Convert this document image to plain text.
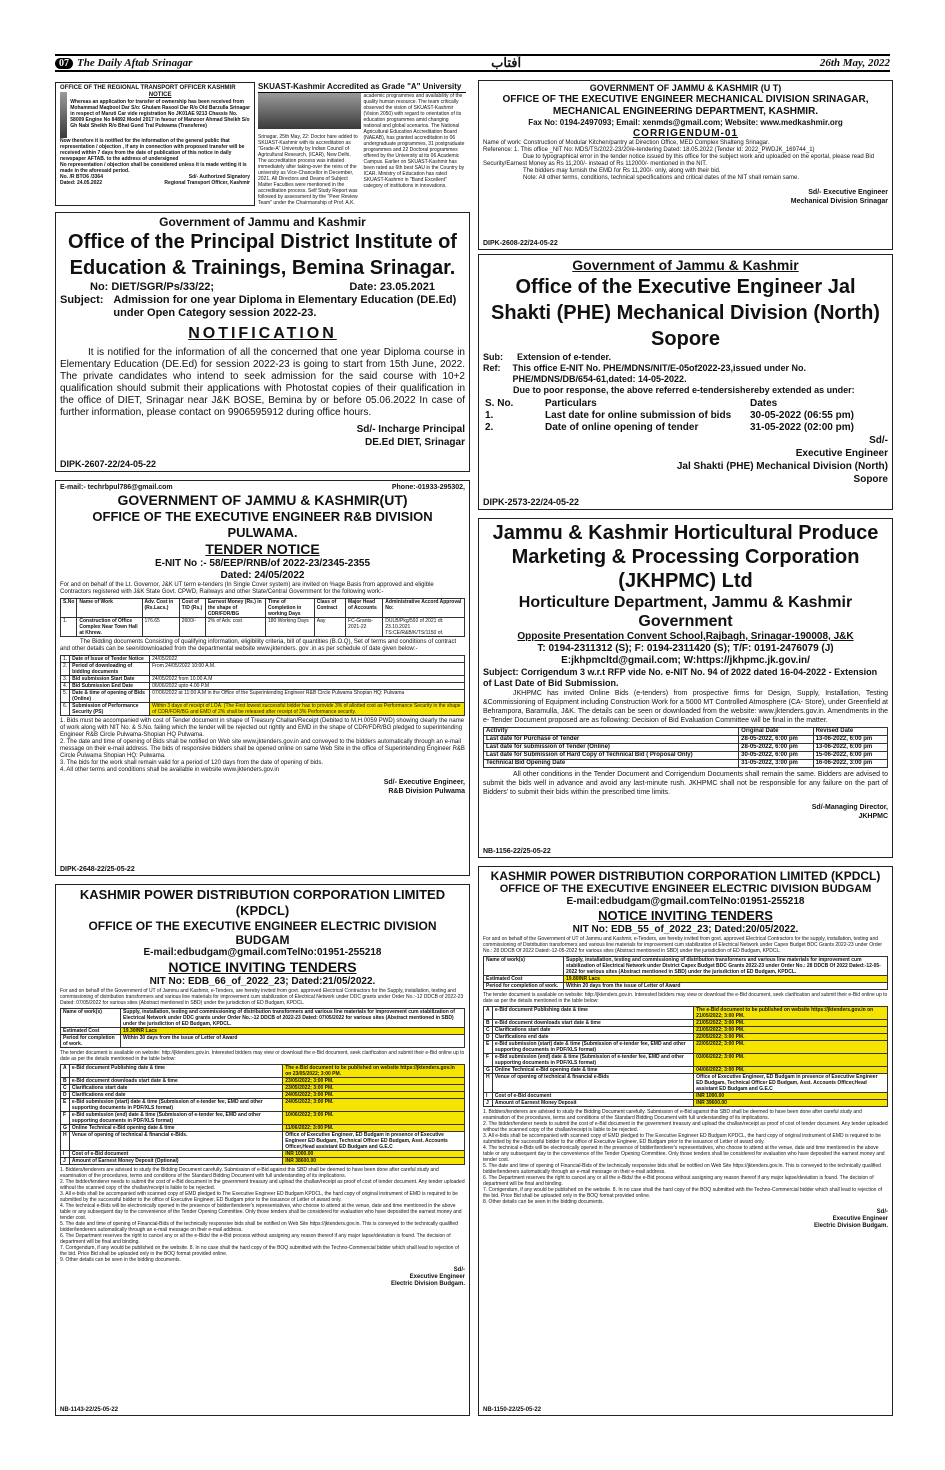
07 The Daily Aftab Srinagar	آفتاب	26th May, 2022
OFFICE OF THE REGIONAL TRANSPORT OFFICER KASHMIR
NOTICE
Whereas an application for transfer of ownership has been received from Mohammad Maqbool Dar S/o: Ghulam Rasool Dar R/o Old Barzulla Srinagar in respect of Maruti Car vide registration No JK01AE 9213 Chassis No. 58009 Engine No 84892 Model 2017 in favour of Manzoor Ahmad Sheikh S/o Gh Nabi Sheikh R/o Bhat Gund Tral Pulwama (Transferee)
Now therefore it is notified for the information of the general public that representation / objection , if any in connection with proposed transfer will be received within 7 days from the date of publication of this notice in daily newspaper AFTAB. to the address of undersigned
No representation / objection shall be considered unless it is made writing it is made in the aforesaid period.
No. /R BTO6 /3364
Dated: 24.05.2022
Sd/- Authorized Signatory
Regional Transport Officer, Kashmir
SKUAST-Kashmir Accredited as Grade "A" University
Srinagar, 25th May, 22: Doctor hare added to SKUAST-Kashmir with its accreditation as "Grade-A" University by Indian Council of Agricultural Research, (ICAR), New Delhi. The accreditation process was initiated immediately after taking-over the reins of the university as Vice-Chancellor in December, 2021. All Directors and Deans of Subject Matter Faculties were mentioned in the accreditation process. Self Study Report was followed by assessment by the "Peer Review Team" under the Chairmanship of Prof. A.K.
academic programmes and availability of the quality human resource. The team critically observed the vision of SKUAST-Kashmir (Vision 2050) with regard to orientation of its education programmes amid changing national and global scenarios. The National Agricultural Education Accreditation Board (NAEAB), has granted accreditation to 06 undergraduate programmes, 31 postgraduate programmes and 22 Doctoral programmes offered by the University at its 06 Academic Campus. Earlier on SKUAST-Kashmir has been rated as 6th best SAU in the Country by ICAR. Ministry of Education has rated SKUAST-Kashmir in "Band Excellent" category of institutions in innovations.
GOVERNMENT OF JAMMU & KASHMIR (U T)
OFFICE OF THE EXECUTIVE ENGINEER MECHANICAL DIVISION SRINAGAR,
MECHANICAL ENGINEERING DEPARTMENT, KASHMIR.
Fax No: 0194-2497093; Email: xenmds@gmail.com; Website: www.medkashmir.org
CORRIGENDUM-01
Name of work: Construction of Modular Kitchen/pantry at Direction Office, MED Complex Shalteng Srinagar.
Reference: 1. This office _NIT No: MDS/TS/2022-23/20/e-tendering Dated: 18.05.2022 (Tender Id: 2022_PWDJK_169744_1)
Due to typographical error in the tender notice issued by this office for the subject work and uploaded on the eportal, please read Bid Security/Earnest Money as Rs 11,200/- instead of Rs 112000/- mentioned in the NIT.
The bidders may furnish the EMD for Rs 11,200/- only, along with their bid.
Note: All other terms, conditions, technical specifications and critical dates of the NIT shall remain same.
Sd/- Executive Engineer
Mechanical Division Srinagar
DIPK-2608-22/24-05-22
Government of Jammu and Kashmir
Office of the Principal District Institute of Education & Trainings, Bemina Srinagar.
No: DIET/SGR/Ps/33/22;	Date: 23.05.2021
Subject: Admission for one year Diploma in Elementary Education (DE.Ed) under Open Category session 2022-23.
NOTIFICATION
It is notified for the information of all the concerned that one year Diploma course in Elementary Education (DE.Ed) for session 2022-23 is going to start from 15th June, 2022. The private candidates who intend to seek admission for the said course with 10+2 qualification should submit their applications with Photostat copies of their qualification in the office of DIET, Srinagar near J&K BOSE, Bemina by or before 05.06.2022 In case of further information, please contact on 9906595912 during office hours.
Sd/- Incharge Principal
DE.Ed DIET, Srinagar
DIPK-2607-22/24-05-22
Government of Jammu & Kashmir
Office of the Executive Engineer Jal Shakti (PHE) Mechanical Division (North) Sopore
Sub: Extension of e-tender.
Ref: This office E-NIT No. PHE/MDNS/NIT/E-05of2022-23,issued under No. PHE/MDNS/DB/654-61,dated: 14-05-2022.
Due to poor response, the above referred e-tendersishereby extended as under:
S. No.	Particulars	Dates
1.	Last date for online submission of bids	30-05-2022 (06:55 pm)
2.	Date of online opening of tender	31-05-2022 (02:00 pm)
Sd/-
Executive Engineer
Jal Shakti (PHE) Mechanical Division (North)
Sopore
DIPK-2573-22/24-05-22
E-mail:- techrbpul786@gmail.com	Phone:-01933-295302,
GOVERNMENT OF JAMMU & KASHMIR(UT)
OFFICE OF THE EXECUTIVE ENGINEER R&B DIVISION PULWAMA.
TENDER NOTICE
E-NIT No :- 58/EEP/RNB/of 2022-23/2345-2355
Dated: 24/05/2022
For and on behalf of the Lt. Governor, J&K UT term e-tenders (In Single Cover system) are invited on %age Basis from approved and eligible Contractors registered with J&K State Govt. CPWD, Railways and other State/Central Government for the following work:-
S.No	Name of Work	Adv. Cost in (Rs.Lacs.)	Cost of T/D (Rs.)	Earnest Money (Rs.) in the shape of CDR/FDR/BG	Time of Completion in working Days	Class of Contract	Major Head of Accounts	Administrative Accord Approval No:
1.	Construction of Office Complex Near Town Hall at Khrew.	176.65	2600/-	2% of Adv. cost	180 Working Days	Aay	FC-Grants-2021-22	DULB/Pkg/592 of 2021 dt: 23.10.2021 TS:CE/R&B/K/TS/1150 of.
The Bidding documents Consisting of qualifying information, eligibility criteria, bill of quantities (B.O.Q), Set of terms and conditions of contract and other details can be seen/downloaded from the departmental website www.jktenders. gov .in as per schedule of date given below:-
1.	Date of Issue of Tender Notice	24/05/2022
2.	Period of downloading of bidding documents	From 24/05/2022 10:00 A.M.
3.	Bid submission Start Date	24/05/2022 from 10.00 A.M
4.	Bid Submission End Date	06/06/2022 upto 4.00 P.M
5.	Date & time of opening of Bids (Online)	07/06/2022 at 11:00 A.M in the Office of the Superintending Engineer R&B Circle Pulwama Shopian HQ: Pulwama
6.	Submission of Performance Security (PS)	Within 3 days of receipt of LOA. (The First lowest successful bidder has to provide 3% of allotted cost as Performance Security in the shape of CDR/FDR/BG and EMD of 2% shall be released after receipt of 3% Performance security.
1. Bids must be accompanied with cost of Tender document in shape of Treasury Challan/Receipt (Debited to M.H.0059 PWD) showing clearly the name of work along with NIT No. & S.No. failing which the tender will be rejected out rightly and EMD in the shape of CDR/FDR/BG pledged to superintending Engineer R&B Circle Pulwama-Shopian HQ Pulwama.
2. The date and time of opening of Bids shall be notified on Web site www.jktenders.gov.in and conveyed to the bidders automatically through an e-mail message on their e-mail address. The bids of responsive bidders shall be opened online on same Web Site in the office of Superintending Engineer R&B Circle Pulwama Shopian HQ: Pulwama.
3. The bids for the work shall remain valid for a period of 120 days from the date of opening of bids.
4. All other terms and conditions shall be available in website www.jktenders.gov.in
Sd/- Executive Engineer,
R&B Division Pulwama
DIPK-2648-22/25-05-22
Jammu & Kashmir Horticultural Produce Marketing & Processing Corporation (JKHPMC) Ltd
Horticulture Department, Jammu & Kashmir Government
Opposite Presentation Convent School,Rajbagh, Srinagar-190008, J&K
T: 0194-2311312 (S); F: 0194-2311420 (S); T/F: 0191-2476079 (J)
E:jkhpmcltd@gmail.com; W:https://jkhpmc.jk.gov.in/
Subject: Corrigendum 3 w.r.t RFP vide No. e-NIT No. 94 of 2022 dated 16-04-2022 - Extension of Last Date of Bid Submission.
JKHPMC has invited Online Bids (e-tenders) from prospective firms for Design, Supply, Installation, Testing &Commissioning of Equipment including Construction Work for a 5000 MT Controlled Atmosphere (CA- Store), under Greenfield at Behrampora, Baramulla, J&K. The details can be seen or downloaded from the website: www.jktenders.gov.in. Amendments in the e- Tender Document proposed are as following: Decision of Bid Evaluation Committee will be final in the matter.
Activity	Original Date	Revised Date
Last date for Purchase of Tender	28-05-2022, 6:00 pm	13-06-2022, 6:00 pm
Last date for submission of Tender (Online)	28-05-2022, 6:00 pm	13-06-2022, 6:00 pm
Last date for Submission of Hard Copy of Technical Bid ( Proposal Only)	30-05-2022, 6:00 pm	15-06-2022, 6:00 pm
Technical Bid Opening Date	31-05-2022, 3:00 pm	16-06-2022, 3:00 pm
All other conditions in the Tender Document and Corrigendum Documents shall remain the same. Bidders are advised to submit the bids well in advance and avoid any last-minute rush. JKHPMC shall not be responsible for any failure on the part of Bidders' to submit their bids within the prescribed time limits.
Sd/-Managing Director,
JKHPMC
NB-1156-22/25-05-22
KASHMIR POWER DISTRIBUTION CORPORATION LIMITED (KPDCL)
OFFICE OF THE EXECUTIVE ENGINEER ELECTRIC DIVISION BUDGAM
E-mail:edbudgam@gmail.comTelNo:01951-255218
NOTICE INVITING TENDERS
NIT No: EDB_66_of_2022_23; Dated:21/05/2022.
For and on behalf of the Government of UT of Jammu and Kashmir, e-Tenders, are hereby invited from govt. approved Electrical Contractors for the Supply, installation, testing and commissioning of distribution transformers and various line materials for improvement cum stabilization of Electrical Network under DDC grants under Order No.:-12 DDCB of 2022-23 Dated: 07/05/2022 for various sites (Abstract mentioned in SBD) under the jurisdiction of ED Budgam, KPDCL.
Name of work(s)	Supply, installation, testing and commissioning of distribution transformers and various line materials for improvement cum stabilization of Electrical Network under DDC grants under Order No.:-12 DDCB of 2022-23 Dated: 07/05/2022 for various sites (Abstract mentioned in SBD) under the jurisdiction of ED Budgam, KPDCL.
Estimated Cost	19.30INR Lacs
Period for completion of work.	Within 30 days from the issue of Letter of Award
The tender document is available on website: http://jktenders.gov.in. Interested bidders may view or download the e-Bid document, seek clarification and submit their e-Bid online up to date as per the details mentioned in the table below:
A	e-Bid document Publishing date & time	The e-Bid document to be published on website https://jktenders.gov.in on 23/05/2022; 3:00 PM.
B	e-Bid document downloads start date & time	23/05/2022; 3:00 PM.
C	Clarifications start date	23/05/2022; 3:00 PM.
D	Clarifications end date	24/05/2022; 3:00 PM.
E	e-Bid submission (start) date & time (Submission of e-tender fee, EMD and other supporting documents in PDF/XLS format)	24/05/2022; 3:00 PM.
F	e-Bid submission (end) date & time (Submission of e-tender fee, EMD and other supporting documents in PDF/XLS format)	10/06/2022; 3:00 PM.
G	Online Technical e-Bid opening date & time	11/06/2022; 3:00 PM.
H	Venue of opening of technical & financial e-Bids.	Office of Executive Engineer, ED Budgam in presence of Executive Engineer ED Budgam, Technical Officer ED Budgam, Asst. Accounts Officer,Head assistant ED Budgam and G.E.C
I	Cost of e-Bid document	INR 1000.00
J	Amount of Earnest Money Deposit (Optional)	INR 38600.00
1. Bidders/tenderers are advised to study the Bidding Document carefully. Submission of e-Bid against this SBD shall be deemed to have been done after careful study and examination of the procedures, terms and conditions of the Standard Bidding Document with full understanding of its implications.
2. The bidder/tenderer needs to submit the cost of e-Bid document in the government treasury and upload the challan/receipt as proof of cost of tender document. Any tender uploaded without the scanned copy of the challan/receipt is liable to be rejected.
3. All e-bids shall be accompanied with scanned copy of EMD pledged to The Executive Engineer ED Budgam KPDCL, the hard copy of original instrument of EMD is required to be submitted by the successful bidder to the office of Executive Engineer, ED Budgam prior to the issuance of Letter of award only.
4. The technical e-Bids will be electronically opened in the presence of bidder/tenderer's representatives, who choose to attend at the venue, date and time mentioned in the above table or any subsequent day to the convenience of the Tender Opening Committee. Only those tenders shall be considered for evaluation who have deposited the earnest money and tender cost.
5. The date and time of opening of Financial-Bids of the technically responsive bids shall be notified on Web Site https://jktenders.gov.in. This is conveyed to the technically qualified bidder/tenderers automatically through an e-mail message on their e-mail address.
6. The Department reserves the right to cancel any or all the e-Bids/ the e-Bid process without assigning any reason thereof if any major lapse/deviation is found. The decision of department will be final and binding.
7. Corrigendum, if any would be published on the website. 8. In no case shall the hard copy of the BOQ submitted with the Techno-Commercial bidder which shall lead to rejection of the bid. Price Bid shall be uploaded only in the BOQ format provided online.
9. Other details can be seen in the bidding documents.
Sd/-
Executive Engineer
Electric Division Budgam.
NB-1143-22/25-05-22
KASHMIR POWER DISTRIBUTION CORPORATION LIMITED (KPDCL)
OFFICE OF THE EXECUTIVE ENGINEER ELECTRIC DIVISION BUDGAM
E-mail:edbudgam@gmail.comTelNo:01951-255218
NOTICE INVITING TENDERS
NIT No: EDB_55_of_2022_23; Dated:20/05/2022.
For and on behalf of the Government of UT of Jammu and Kashmir, e-Tenders, are hereby invited from govt. approved Electrical Contractors for the supply, installation, testing and commissioning of Distribution transformers and various line materials for improvement cum stabilization of Electrical Network under Capex Budget BDC Grants 2022-23 under Order No.: 28 DDCB Of 2022 Dated:-12-05-2022 for various sites (Abstract mentioned in SBD) under the jurisdiction of ED Budgam, KPDCL.
Name of work(s)	Supply, installation, testing and commissioning of distribution transformers and various line materials for improvement cum stabilization of Electrical Network under District Capex Budget BDC Grants 2022-23 under Order No.: 28 DDCB Of 2022 Dated:-12-05-2022 for various sites (Abstract mentioned in SBD) under the jurisdiction of ED Budgam, KPDCL.
Estimated Cost	19.80INR Lacs
Period for completion of work.	Within 20 days from the issue of Letter of Award
The tender document is available on website: http://jktenders.gov.in. Interested bidders may view or download the e-Bid document, seek clarification and submit their e-Bid online up to date as per the details mentioned in the table below:
A	e-Bid document Publishing date & time	The e-Bid document to be published on website https://jktenders.gov.in on 21/05/2022; 3:00 PM.
B	e-Bid document downloads start date & time	21/05/2022; 3:00 PM.
C	Clarifications start date	21/05/2022; 3:00 PM.
D	Clarifications end date	22/05/2022; 3:00 PM.
E	e-Bid submission (start) date & time (Submission of e-tender fee, EMD and other supporting documents in PDF/XLS format)	22/05/2022; 3:00 PM.
F	e-Bid submission (end) date & time (Submission of e-tender fee, EMD and other supporting documents in PDF/XLS format)	03/06/2022; 3:00 PM.
G	Online Technical e-Bid opening date & time	04/06/2022; 3:00 PM.
H	Venue of opening of technical & financial e-Bids	Office of Executive Engineer, ED Budgam in presence of Executive Engineer ED Budgam, Technical Officer ED Budgam, Asst. Accounts Officer,Head assistant ED Budgam and G.E.C
I	Cost of e-Bid document	INR 1000.00
J	Amount of Earnest Money Deposit	INR 39600.00
1. Bidders/tenderers are advised to study the Bidding Document carefully. Submission of e-Bid against this SBD shall be deemed to have been done after careful study and examination of the procedures, terms and conditions of the Standard Bidding Document with full understanding of its implications.
2. The bidder/tenderer needs to submit the cost of e-Bid document in the government treasury and upload the challan/receipt as proof of cost of tender document. Any tender uploaded without the scanned copy of the challan/receipt is liable to be rejected.
3. All e-bids shall be accompanied with scanned copy of EMD pledged to The Executive Engineer ED Budgam KPDCL, the hard copy of original instrument of EMD is required to be submitted by the successful bidder to the office of Executive Engineer, ED Budgam prior to the issuance of Letter of award only.
4. The technical e-Bids will be electronically opened in the presence of bidder/tenderer's representatives, who choose to attend at the venue, date and time mentioned in the above table or any subsequent day to the convenience of the Tender Opening Committee. Only those tenders shall be considered for evaluation who have deposited the earnest money and tender cost.
5. The date and time of opening of Financial-Bids of the technically responsive bids shall be notified on Web Site https://jktenders.gov.in. This is conveyed to the technically qualified bidder/tenderers automatically through an e-mail message on their e-mail address.
6. The Department reserves the right to cancel any or all the e-Bids/ the e-Bid process without assigning any reason thereof if any major lapse/deviation is found. The decision of department will be final and binding.
7. Corrigendum, if any would be published on the website. 8. In no case shall the hard copy of the BOQ submitted with the Techno-Commercial bidder which shall lead to rejection of the bid. Price Bid shall be uploaded only in the BOQ format provided online.
8. Other details can be seen in the bidding documents.
Sd/-
Executive Engineer
Electric Division Budgam.
NB-1150-22/25-05-22
